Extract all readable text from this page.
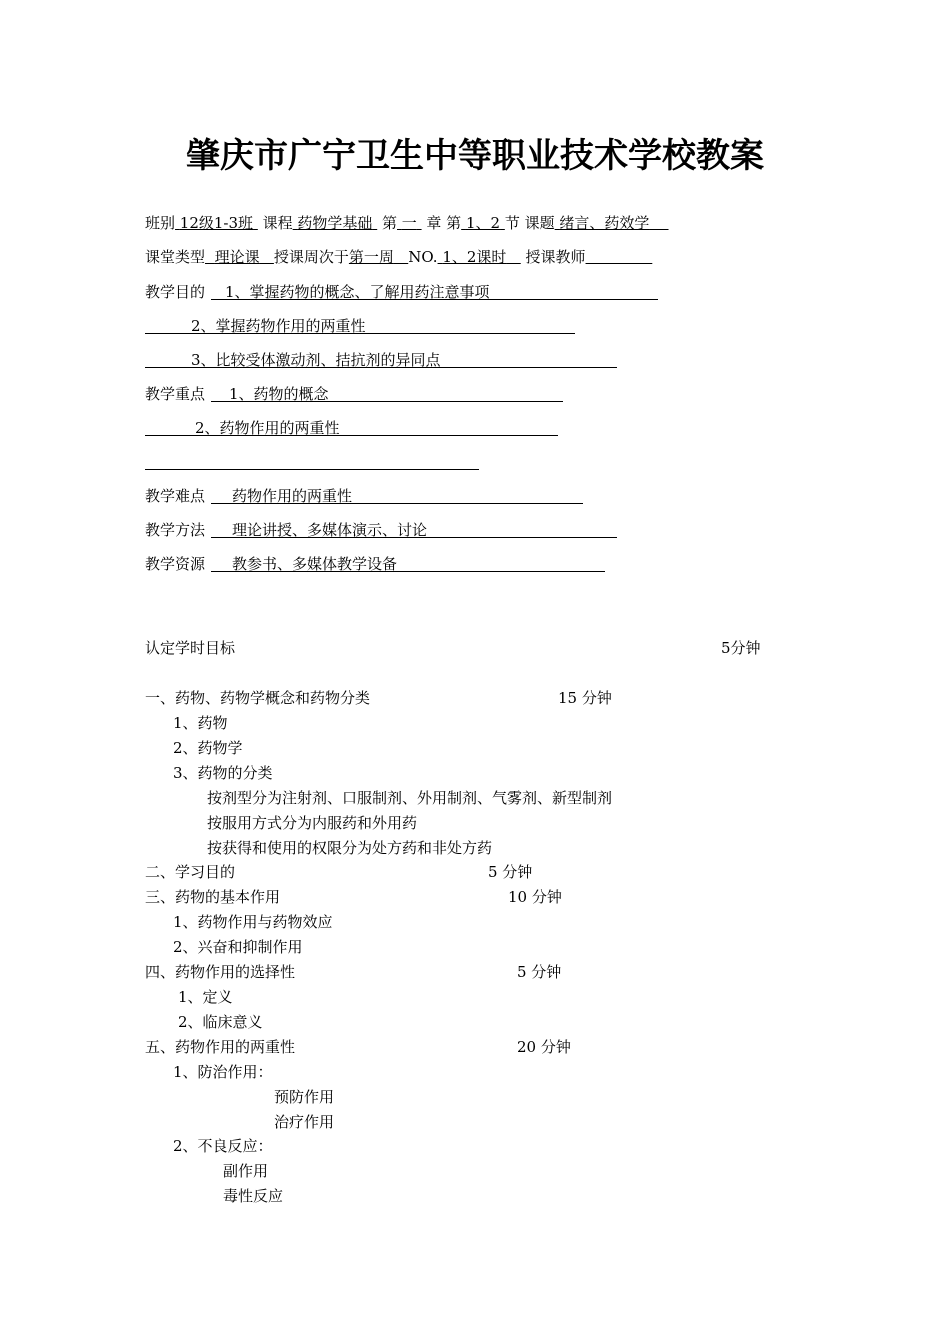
肇庆市广宁卫生中等职业技术学校教案
班别 12级1-3班 课程 药物学基础 第 一 章 第 1、2 节 课题 绪言、药效学
课堂类型 理论课 授课周次于第一周 NO. 1、2课时 授课教师
教学目的 1、掌握药物的概念、了解用药注意事项
2、掌握药物作用的两重性
3、比较受体激动剂、拮抗剂的异同点
教学重点 1、药物的概念
2、药物作用的两重性
教学难点 药物作用的两重性
教学方法 理论讲授、多媒体演示、讨论
教学资源 教参书、多媒体教学设备
认定学时目标	5分钟
一、药物、药物学概念和药物分类	15 分钟
1、药物
2、药物学
3、药物的分类
按剂型分为注射剂、口服制剂、外用制剂、气雾剂、新型制剂
按服用方式分为内服药和外用药
按获得和使用的权限分为处方药和非处方药
二、学习目的	5 分钟
三、药物的基本作用	10 分钟
1、药物作用与药物效应
2、兴奋和抑制作用
四、药物作用的选择性	5 分钟
1、定义
2、临床意义
五、药物作用的两重性	20 分钟
1、防治作用：
预防作用
治疗作用
2、不良反应：
副作用
毒性反应
